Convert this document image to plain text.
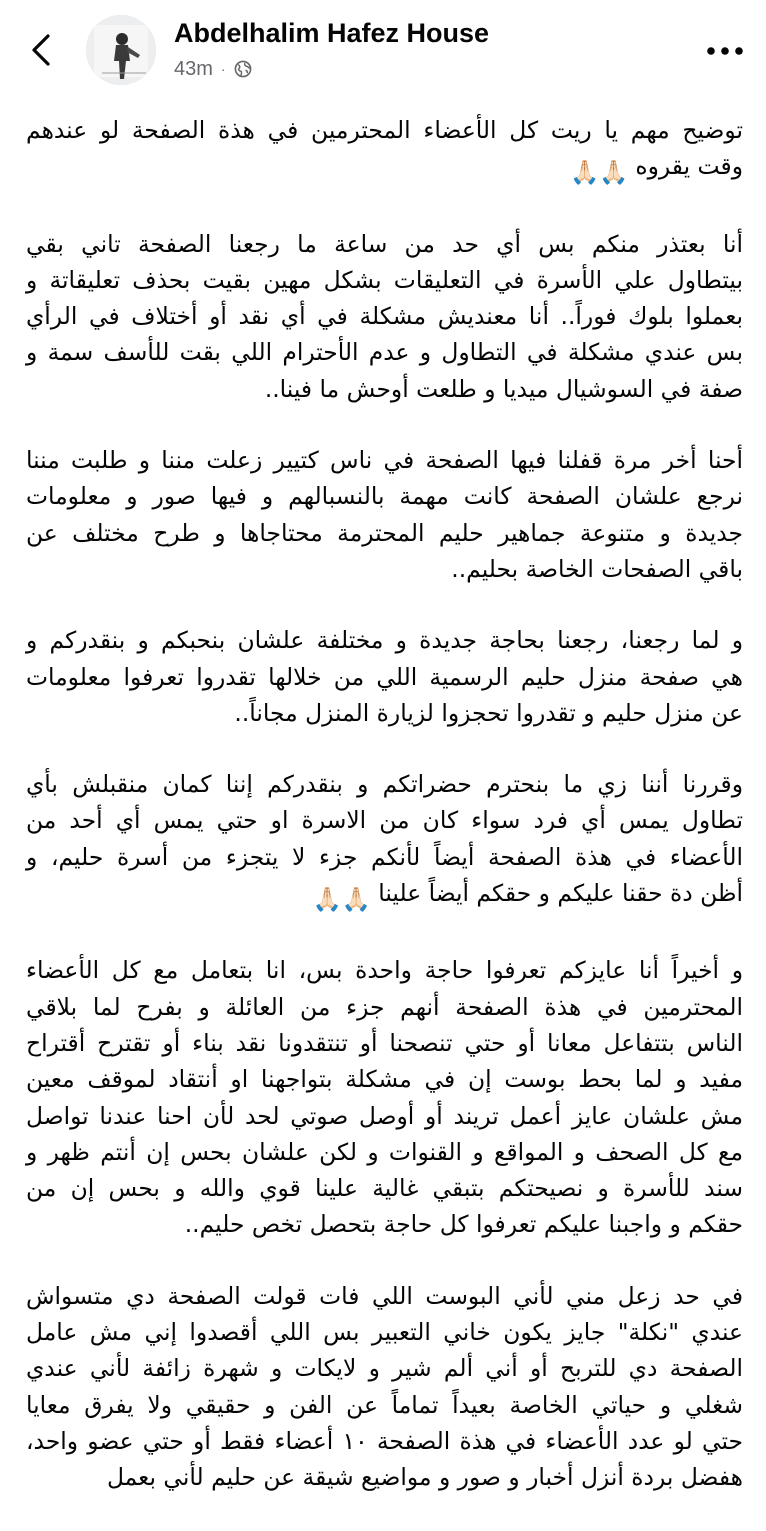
Abdelhalim Hafez House
43m ·
توضيح مهم يا ريت كل الأعضاء المحترمين في هذة الصفحة لو عندهم
وقت يقروه 🙏🏻🙏🏻
أنا بعتذر منكم بس أي حد من ساعة ما رجعنا الصفحة تاني بقي
بيتطاول علي الأسرة في التعليقات بشكل مهين بقيت بحذف تعليقاتة و
بعملوا بلوك فوراً.. أنا معنديش مشكلة في أي نقد أو أختلاف في الرأي
بس عندي مشكلة في التطاول و عدم الأحترام اللي بقت للأسف سمة و
صفة في السوشيال ميديا و طلعت أوحش ما فينا..
أحنا أخر مرة قفلنا فيها الصفحة في ناس كتيير زعلت مننا و طلبت مننا
نرجع علشان الصفحة كانت مهمة بالنسبالهم و فيها صور و معلومات
جديدة و متنوعة جماهير حليم المحترمة محتاجاها و طرح مختلف عن
باقي الصفحات الخاصة بحليم..
و لما رجعنا، رجعنا بحاجة جديدة و مختلفة علشان بنحبكم و بنقدركم و
هي صفحة منزل حليم الرسمية اللي من خلالها تقدروا تعرفوا معلومات
عن منزل حليم و تقدروا تحجزوا لزيارة المنزل مجاناً..
وقررنا أننا زي ما بنحترم حضراتكم و بنقدركم إننا كمان منقبلش بأي
تطاول يمس أي فرد سواء كان من الاسرة او حتي يمس أي أحد من
الأعضاء في هذة الصفحة أيضاً لأنكم جزء لا يتجزء من أسرة حليم، و
أظن دة حقنا عليكم و حقكم أيضاً علينا 🙏🏻🙏🏻
و أخيراً أنا عايزكم تعرفوا حاجة واحدة بس، انا بتعامل مع كل الأعضاء
المحترمين في هذة الصفحة أنهم جزء من العائلة و بفرح لما بلاقي
الناس بتتفاعل معانا أو حتي تنصحنا أو تنتقدونا نقد بناء أو تقترح أقتراح
مفيد و لما بحط بوست إن في مشكلة بتواجهنا او أنتقاد لموقف معين
مش علشان عايز أعمل تريند أو أوصل صوتي لحد لأن احنا عندنا تواصل
مع كل الصحف و المواقع و القنوات و لكن علشان بحس إن أنتم ظهر و
سند للأسرة و نصيحتكم بتبقي غالية علينا قوي والله و بحس إن من
حقكم و واجبنا عليكم تعرفوا كل حاجة بتحصل تخص حليم..
في حد زعل مني لأني البوست اللي فات قولت الصفحة دي متسواش
عندي "نكلة" جايز يكون خاني التعبير بس اللي أقصدوا إني مش عامل
الصفحة دي للتربح أو أني ألم شير و لايكات و شهرة زائفة لأني عندي
شغلي و حياتي الخاصة بعيداً تماماً عن الفن و حقيقي ولا يفرق معايا
حتي لو عدد الأعضاء في هذة الصفحة ١٠ أعضاء فقط أو حتي عضو واحد،
هفضل بردة أنزل أخبار و صور و مواضيع شيقة عن حليم لأني بعمل
